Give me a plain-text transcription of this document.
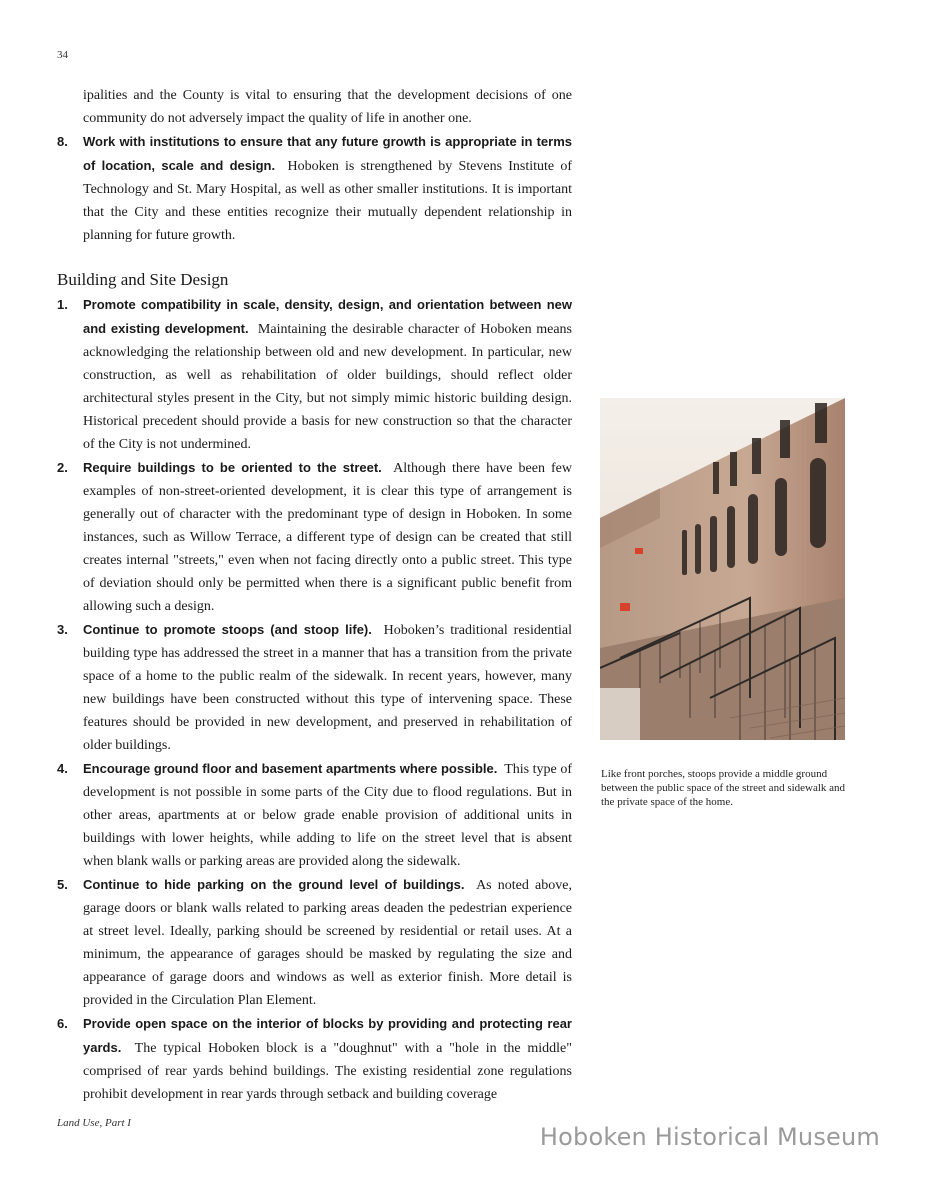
34

ipalities and the County is vital to ensuring that the development decisions of one community do not adversely impact the quality of life in another one.

8. Work with institutions to ensure that any future growth is appropriate in terms of location, scale and design. Hoboken is strengthened by Stevens Institute of Technology and St. Mary Hospital, as well as other smaller institutions. It is important that the City and these entities recognize their mutually dependent relationship in planning for future growth.
Building and Site Design
1. Promote compatibility in scale, density, design, and orientation between new and existing development. Maintaining the desirable character of Hoboken means acknowledging the relationship between old and new development. In particular, new construction, as well as rehabilitation of older buildings, should reflect older architectural styles present in the City, but not simply mimic historic building design. Historical precedent should provide a basis for new construction so that the character of the City is not undermined.
2. Require buildings to be oriented to the street. Although there have been few examples of non-street-oriented development, it is clear this type of arrangement is generally out of character with the predominant type of design in Hoboken. In some instances, such as Willow Terrace, a different type of design can be created that still creates internal "streets," even when not facing directly onto a public street. This type of deviation should only be permitted when there is a significant public benefit from allowing such a design.
3. Continue to promote stoops (and stoop life). Hoboken’s traditional residential building type has addressed the street in a manner that has a transition from the private space of a home to the public realm of the sidewalk. In recent years, however, many new buildings have been constructed without this type of intervening space. These features should be provided in new development, and preserved in rehabilitation of older buildings.
4. Encourage ground floor and basement apartments where possible. This type of development is not possible in some parts of the City due to flood regulations. But in other areas, apartments at or below grade enable provision of additional units in buildings with lower heights, while adding to life on the street level that is absent when blank walls or parking areas are provided along the sidewalk.
5. Continue to hide parking on the ground level of buildings. As noted above, garage doors or blank walls related to parking areas deaden the pedestrian experience at street level. Ideally, parking should be screened by residential or retail uses. At a minimum, the appearance of garages should be masked by regulating the size and appearance of garage doors and windows as well as exterior finish. More detail is provided in the Circulation Plan Element.
6. Provide open space on the interior of blocks by providing and protecting rear yards. The typical Hoboken block is a "doughnut" with a "hole in the middle" comprised of rear yards behind buildings. The existing residential zone regulations prohibit development in rear yards through setback and building coverage
Like front porches, stoops provide a middle ground between the public space of the street and sidewalk and the private space of the home.
Land Use, Part I	Hoboken Historical Museum
